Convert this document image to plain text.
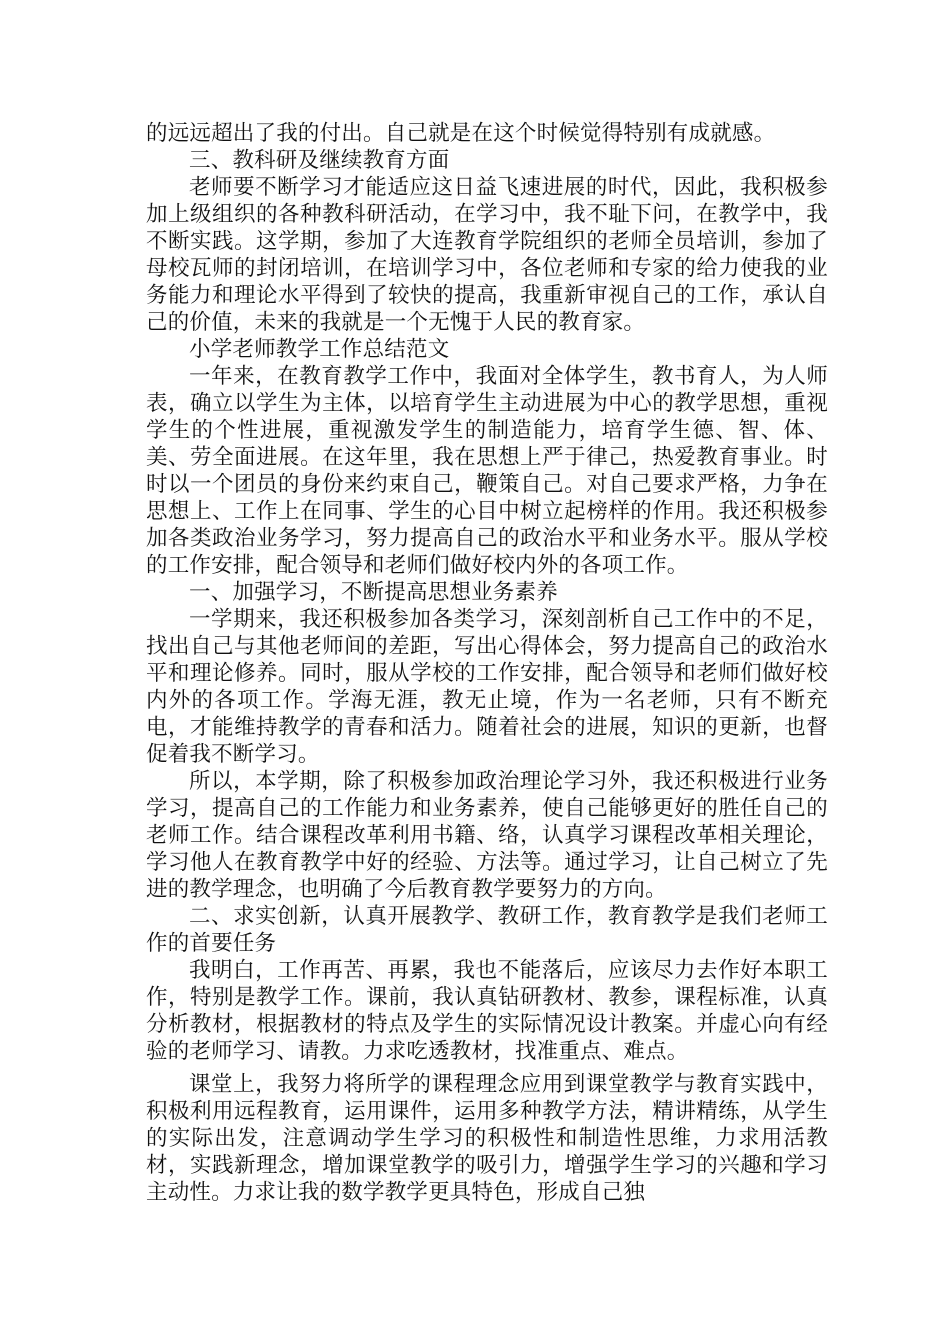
的远远超出了我的付出。自己就是在这个时候觉得特别有成就感。

三、教科研及继续教育方面

老师要不断学习才能适应这日益飞速进展的时代，因此，我积极参加上级组织的各种教科研活动，在学习中，我不耻下问，在教学中，我不断实践。这学期，参加了大连教育学院组织的老师全员培训，参加了母校瓦师的封闭培训，在培训学习中，各位老师和专家的给力使我的业务能力和理论水平得到了较快的提高，我重新审视自己的工作，承认自己的价值，未来的我就是一个无愧于人民的教育家。

小学老师教学工作总结范文

一年来，在教育教学工作中，我面对全体学生，教书育人，为人师表，确立以学生为主体，以培育学生主动进展为中心的教学思想，重视学生的个性进展，重视激发学生的制造能力，培育学生德、智、体、美、劳全面进展。在这年里，我在思想上严于律己，热爱教育事业。时时以一个团员的身份来约束自己，鞭策自己。对自己要求严格，力争在思想上、工作上在同事、学生的心目中树立起榜样的作用。我还积极参加各类政治业务学习，努力提高自己的政治水平和业务水平。服从学校的工作安排，配合领导和老师们做好校内外的各项工作。

一、加强学习，不断提高思想业务素养

一学期来，我还积极参加各类学习，深刻剖析自己工作中的不足，找出自己与其他老师间的差距，写出心得体会，努力提高自己的政治水平和理论修养。同时，服从学校的工作安排，配合领导和老师们做好校内外的各项工作。学海无涯，教无止境，作为一名老师，只有不断充电，才能维持教学的青春和活力。随着社会的进展，知识的更新，也督促着我不断学习。

所以，本学期，除了积极参加政治理论学习外，我还积极进行业务学习，提高自己的工作能力和业务素养，使自己能够更好的胜任自己的老师工作。结合课程改革利用书籍、络，认真学习课程改革相关理论，学习他人在教育教学中好的经验、方法等。通过学习，让自己树立了先进的教学理念，也明确了今后教育教学要努力的方向。

二、求实创新，认真开展教学、教研工作，教育教学是我们老师工作的首要任务

我明白，工作再苦、再累，我也不能落后，应该尽力去作好本职工作，特别是教学工作。课前，我认真钻研教材、教参，课程标准，认真分析教材，根据教材的特点及学生的实际情况设计教案。并虚心向有经验的老师学习、请教。力求吃透教材，找准重点、难点。

课堂上，我努力将所学的课程理念应用到课堂教学与教育实践中，积极利用远程教育，运用课件，运用多种教学方法，精讲精练，从学生的实际出发，注意调动学生学习的积极性和制造性思维，力求用活教材，实践新理念，增加课堂教学的吸引力，增强学生学习的兴趣和学习主动性。力求让我的数学教学更具特色，形成自己独
